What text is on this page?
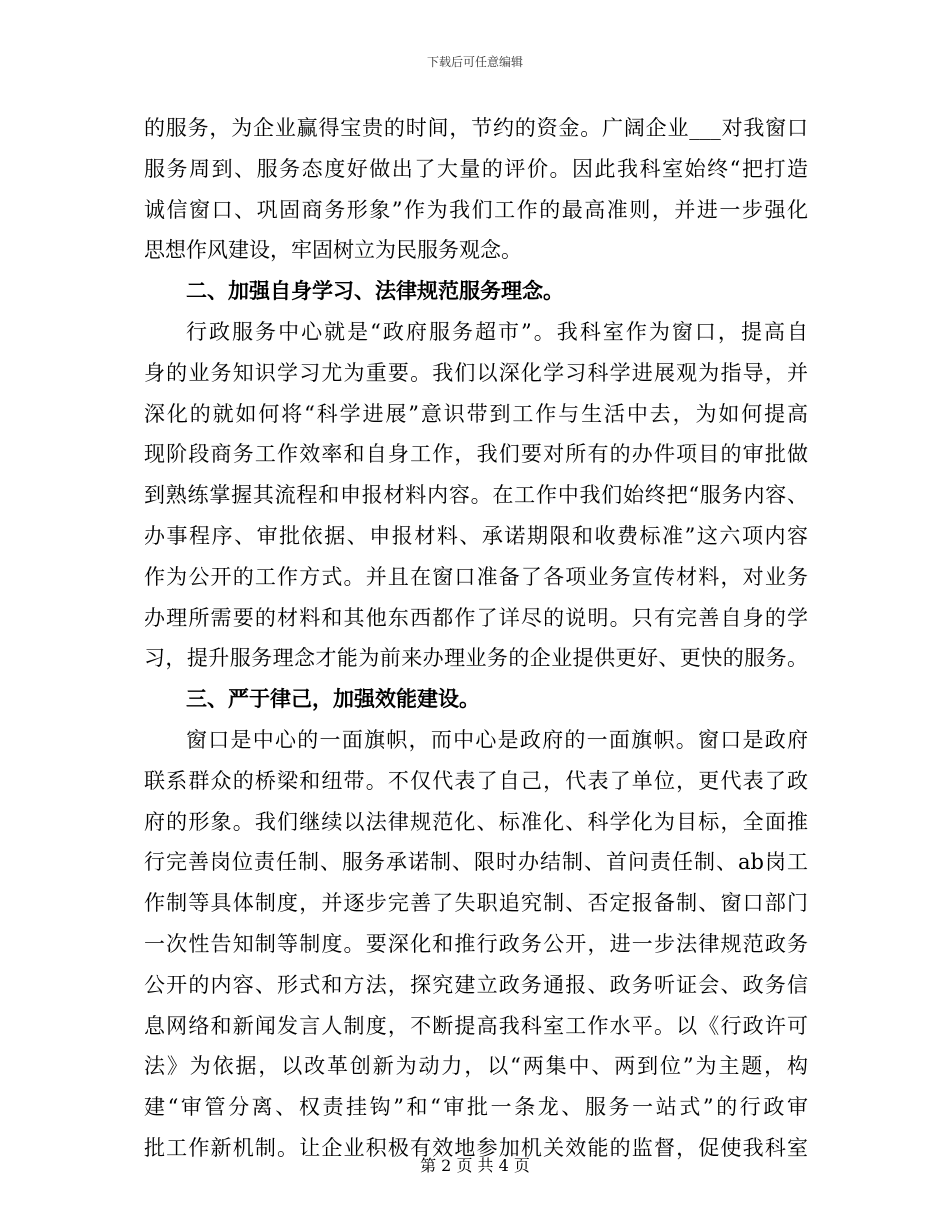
下载后可任意编辑
的服务，为企业赢得宝贵的时间，节约的资金。广阔企业___对我窗口
服务周到、服务态度好做出了大量的评价。因此我科室始终“把打造
诚信窗口、巩固商务形象”作为我们工作的最高准则，并进一步强化
思想作风建设，牢固树立为民服务观念。
二、加强自身学习、法律规范服务理念。
行政服务中心就是“政府服务超市”。我科室作为窗口，提高自
身的业务知识学习尤为重要。我们以深化学习科学进展观为指导，并
深化的就如何将“科学进展”意识带到工作与生活中去，为如何提高
现阶段商务工作效率和自身工作，我们要对所有的办件项目的审批做
到熟练掌握其流程和申报材料内容。在工作中我们始终把“服务内容、
办事程序、审批依据、申报材料、承诺期限和收费标准”这六项内容
作为公开的工作方式。并且在窗口准备了各项业务宣传材料，对业务
办理所需要的材料和其他东西都作了详尽的说明。只有完善自身的学
习，提升服务理念才能为前来办理业务的企业提供更好、更快的服务。
三、严于律己，加强效能建设。
窗口是中心的一面旗帜，而中心是政府的一面旗帜。窗口是政府
联系群众的桥梁和纽带。不仅代表了自己，代表了单位，更代表了政
府的形象。我们继续以法律规范化、标准化、科学化为目标，全面推
行完善岗位责任制、服务承诺制、限时办结制、首问责任制、ab岗工
作制等具体制度，并逐步完善了失职追究制、否定报备制、窗口部门
一次性告知制等制度。要深化和推行政务公开，进一步法律规范政务
公开的内容、形式和方法，探究建立政务通报、政务听证会、政务信
息网络和新闻发言人制度，不断提高我科室工作水平。以《行政许可
法》为依据，以改革创新为动力，以“两集中、两到位”为主题，构
建“审管分离、权责挂钩”和“审批一条龙、服务一站式”的行政审
批工作新机制。让企业积极有效地参加机关效能的监督，促使我科室
第 2 页 共 4 页
